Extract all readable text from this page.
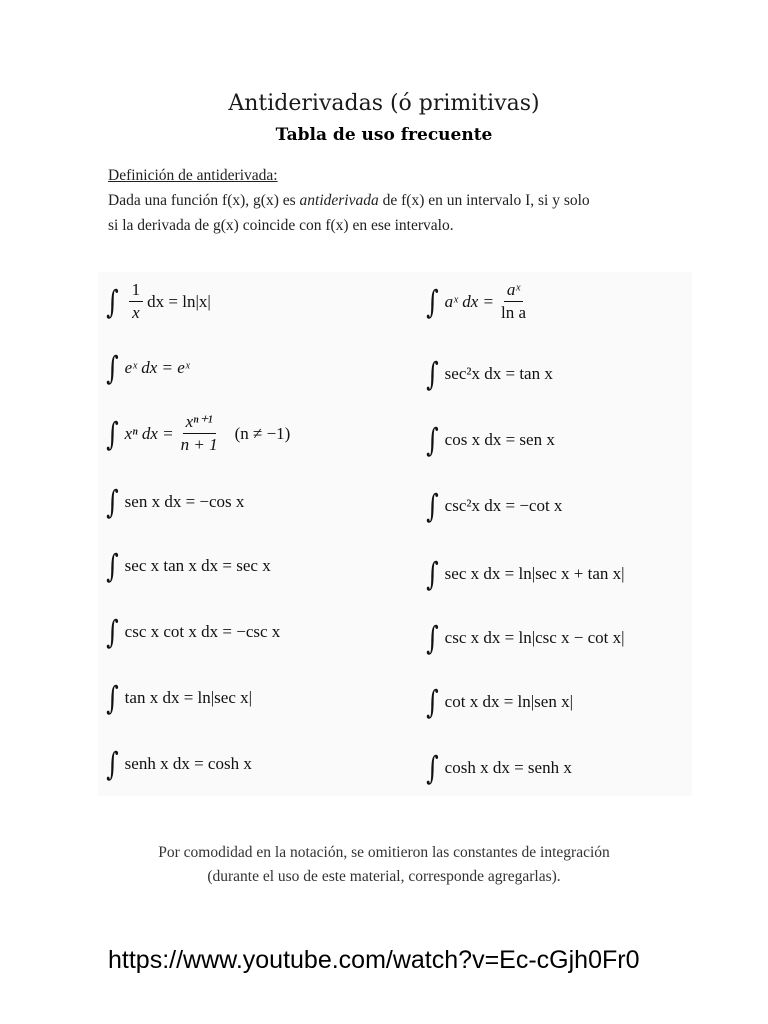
Antiderivadas (ó primitivas)
Tabla de uso frecuente
Definición de antiderivada:
Dada una función f(x), g(x) es antiderivada de f(x) en un intervalo I, si y solo
si la derivada de g(x) coincide con f(x) en ese intervalo.
∫ $\frac{1}{x}$ dx = ln|x|
∫ eˣ dx = eˣ
∫ xⁿ dx = $\frac{\text{xⁿ⁺¹}}{n + 1} (n \ne -1)$
∫ sen x dx = −cos x
∫ sec x tan x dx = sec x
∫ csc x cot x dx = −csc x
∫ tan x dx = ln|sec x|
∫ senh x dx = cosh x
∫ aˣ dx = $\frac{\text{aˣ}}{\text{ln a}}$
∫ sec²x dx = tan x
∫ cos x dx = sen x
∫ csc²x dx = −cot x
∫ sec x dx = ln|sec x + tan x|
∫ csc x dx = ln|csc x − cot x|
∫ cot x dx = ln|sen x|
∫ cosh x dx = senh x
Por comodidad en la notación, se omitieron las constantes de integración
(durante el uso de este material, corresponde agregarlas).
https://www.youtube.com/watch?v=Ec-cGjh0Fr0
